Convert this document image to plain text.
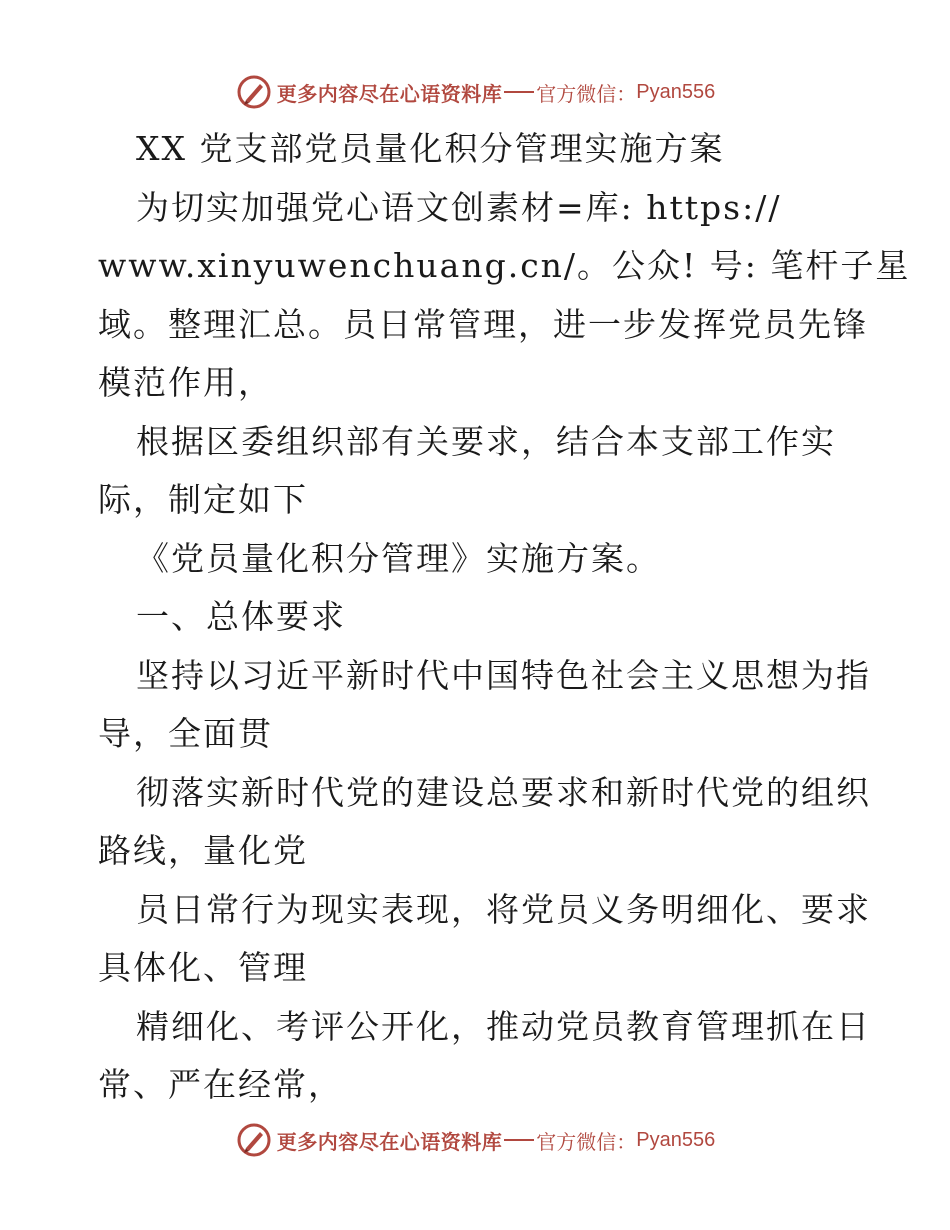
更多内容尽在心语资料库 官方微信： Pyan556
XX 党支部党员量化积分管理实施方案
为切实加强党心语文创素材=库: https://
www.xinyuwenchuang.cn/。公众! 号: 笔杆子星
域。整理汇总。员日常管理，进一步发挥党员先锋
模范作用，
根据区委组织部有关要求，结合本支部工作实
际，制定如下
《党员量化积分管理》实施方案。
一、总体要求
坚持以习近平新时代中国特色社会主义思想为指
导，全面贯
彻落实新时代党的建设总要求和新时代党的组织
路线，量化党
员日常行为现实表现，将党员义务明细化、要求
具体化、管理
精细化、考评公开化，推动党员教育管理抓在日
常、严在经常，
更多内容尽在心语资料库 官方微信： Pyan556
